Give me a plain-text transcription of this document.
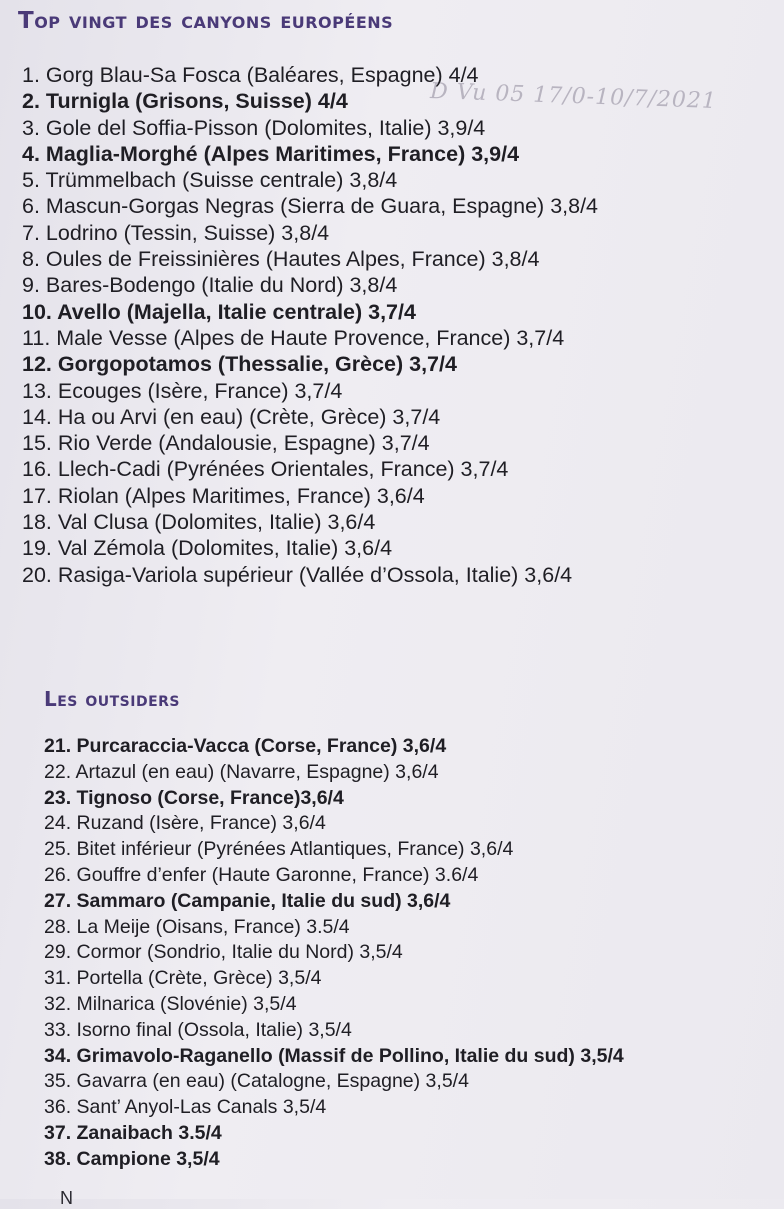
Top vingt des canyons européens
D Vu 05 17/0-10/7/2021
1. Gorg Blau-Sa Fosca (Baléares, Espagne) 4/4
2. Turnigla (Grisons, Suisse) 4/4
3. Gole del Soffia-Pisson (Dolomites, Italie) 3,9/4
4. Maglia-Morghé (Alpes Maritimes, France) 3,9/4
5. Trümmelbach (Suisse centrale) 3,8/4
6. Mascun-Gorgas Negras (Sierra de Guara, Espagne) 3,8/4
7. Lodrino (Tessin, Suisse) 3,8/4
8. Oules de Freissinières (Hautes Alpes, France) 3,8/4
9. Bares-Bodengo (Italie du Nord) 3,8/4
10. Avello (Majella, Italie centrale) 3,7/4
11. Male Vesse (Alpes de Haute Provence, France) 3,7/4
12. Gorgopotamos (Thessalie, Grèce) 3,7/4
13. Ecouges (Isère, France) 3,7/4
14. Ha ou Arvi (en eau) (Crète, Grèce) 3,7/4
15. Rio Verde (Andalousie, Espagne) 3,7/4
16. Llech-Cadi (Pyrénées Orientales, France) 3,7/4
17. Riolan (Alpes Maritimes, France) 3,6/4
18. Val Clusa (Dolomites, Italie) 3,6/4
19. Val Zémola (Dolomites, Italie) 3,6/4
20. Rasiga-Variola supérieur (Vallée d’Ossola, Italie) 3,6/4
Les outsiders
21. Purcaraccia-Vacca (Corse, France) 3,6/4
22. Artazul (en eau) (Navarre, Espagne) 3,6/4
23. Tignoso (Corse, France)3,6/4
24. Ruzand (Isère, France) 3,6/4
25. Bitet inférieur (Pyrénées Atlantiques, France) 3,6/4
26. Gouffre d’enfer (Haute Garonne, France) 3.6/4
27. Sammaro (Campanie, Italie du sud) 3,6/4
28. La Meije (Oisans, France) 3.5/4
29. Cormor (Sondrio, Italie du Nord) 3,5/4
31. Portella (Crète, Grèce) 3,5/4
32. Milnarica (Slovénie) 3,5/4
33. Isorno final (Ossola, Italie) 3,5/4
34. Grimavolo-Raganello (Massif de Pollino, Italie du sud) 3,5/4
35. Gavarra (en eau) (Catalogne, Espagne) 3,5/4
36. Sant’ Anyol-Las Canals 3,5/4
37. Zanaibach 3.5/4
38. Campione 3,5/4
N
